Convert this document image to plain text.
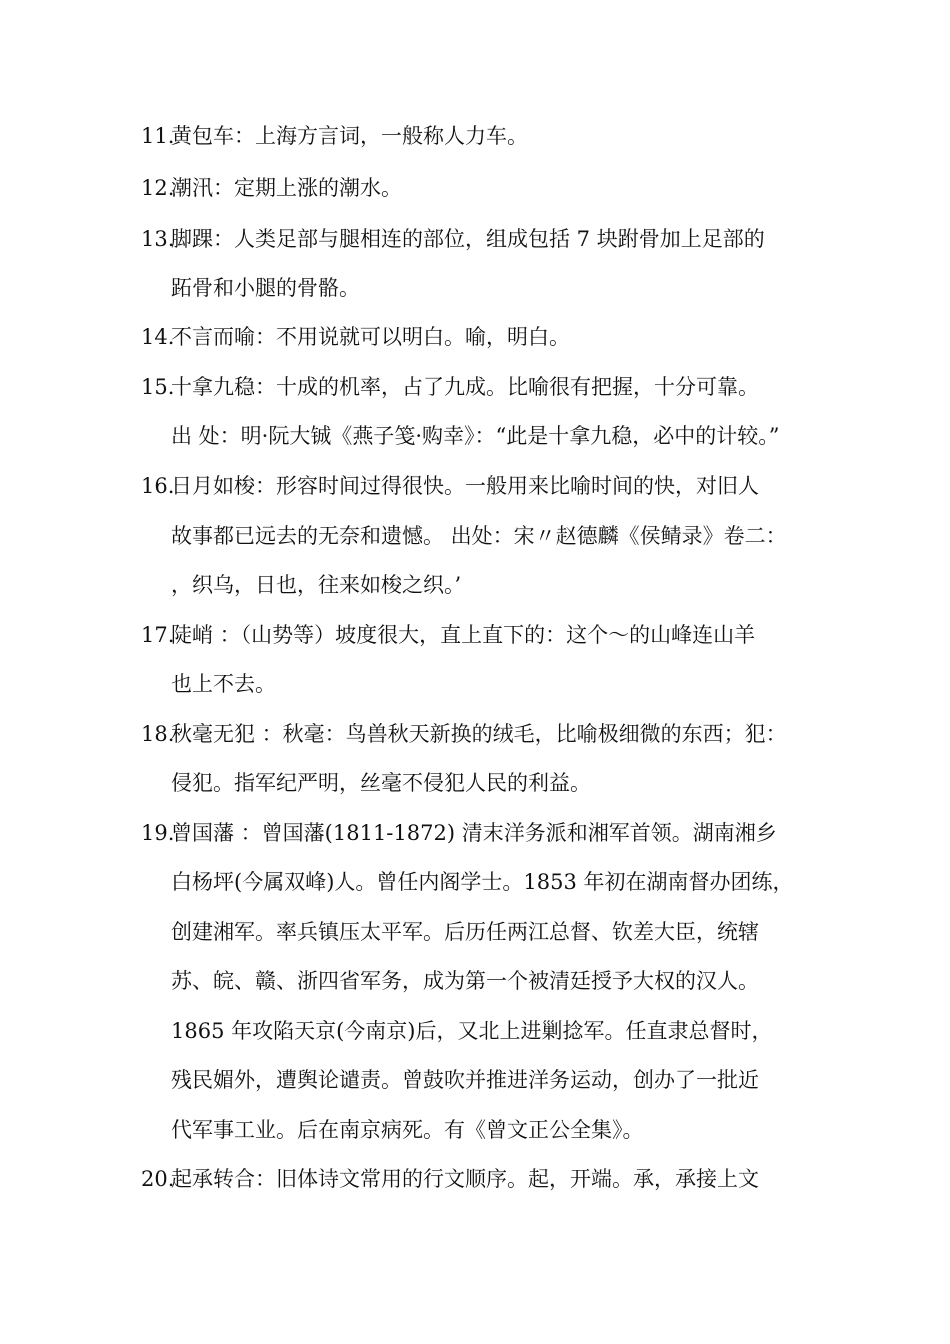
11.黄包车：上海方言词，一般称人力车。
12.潮汛：定期上涨的潮水。
13.脚踝：人类足部与腿相连的部位，组成包括 7 块跗骨加上足部的
跖骨和小腿的骨骼。
14.不言而喻：不用说就可以明白。喻，明白。
15.十拿九稳：十成的机率，占了九成。比喻很有把握，十分可靠。
出 处：明·阮大铖《燕子笺·购幸》：“此是十拿九稳，必中的计较。”
16.日月如梭：形容时间过得很快。一般用来比喻时间的快，对旧人
故事都已远去的无奈和遗憾。 出处：宋〃赵德麟《侯鲭录》卷二：
，织乌，日也，往来如梭之织。’
17.陡峭 ：（山势等）坡度很大，直上直下的：这个～的山峰连山羊
也上不去。
18.秋毫无犯 ：秋毫：鸟兽秋天新换的绒毛，比喻极细微的东西；犯：
侵犯。指军纪严明，丝毫不侵犯人民的利益。
19.曾国藩 ：曾国藩(1811-1872) 清末洋务派和湘军首领。湖南湘乡
白杨坪(今属双峰)人。曾任内阁学士。1853 年初在湖南督办团练，
创建湘军。率兵镇压太平军。后历任两江总督、钦差大臣，统辖
苏、皖、赣、浙四省军务，成为第一个被清廷授予大权的汉人。
1865 年攻陷天京(今南京)后，又北上进剿捻军。任直隶总督时，
残民媚外，遭舆论谴责。曾鼓吹并推进洋务运动，创办了一批近
代军事工业。后在南京病死。有《曾文正公全集》。
20.起承转合：旧体诗文常用的行文顺序。起，开端。承，承接上文
